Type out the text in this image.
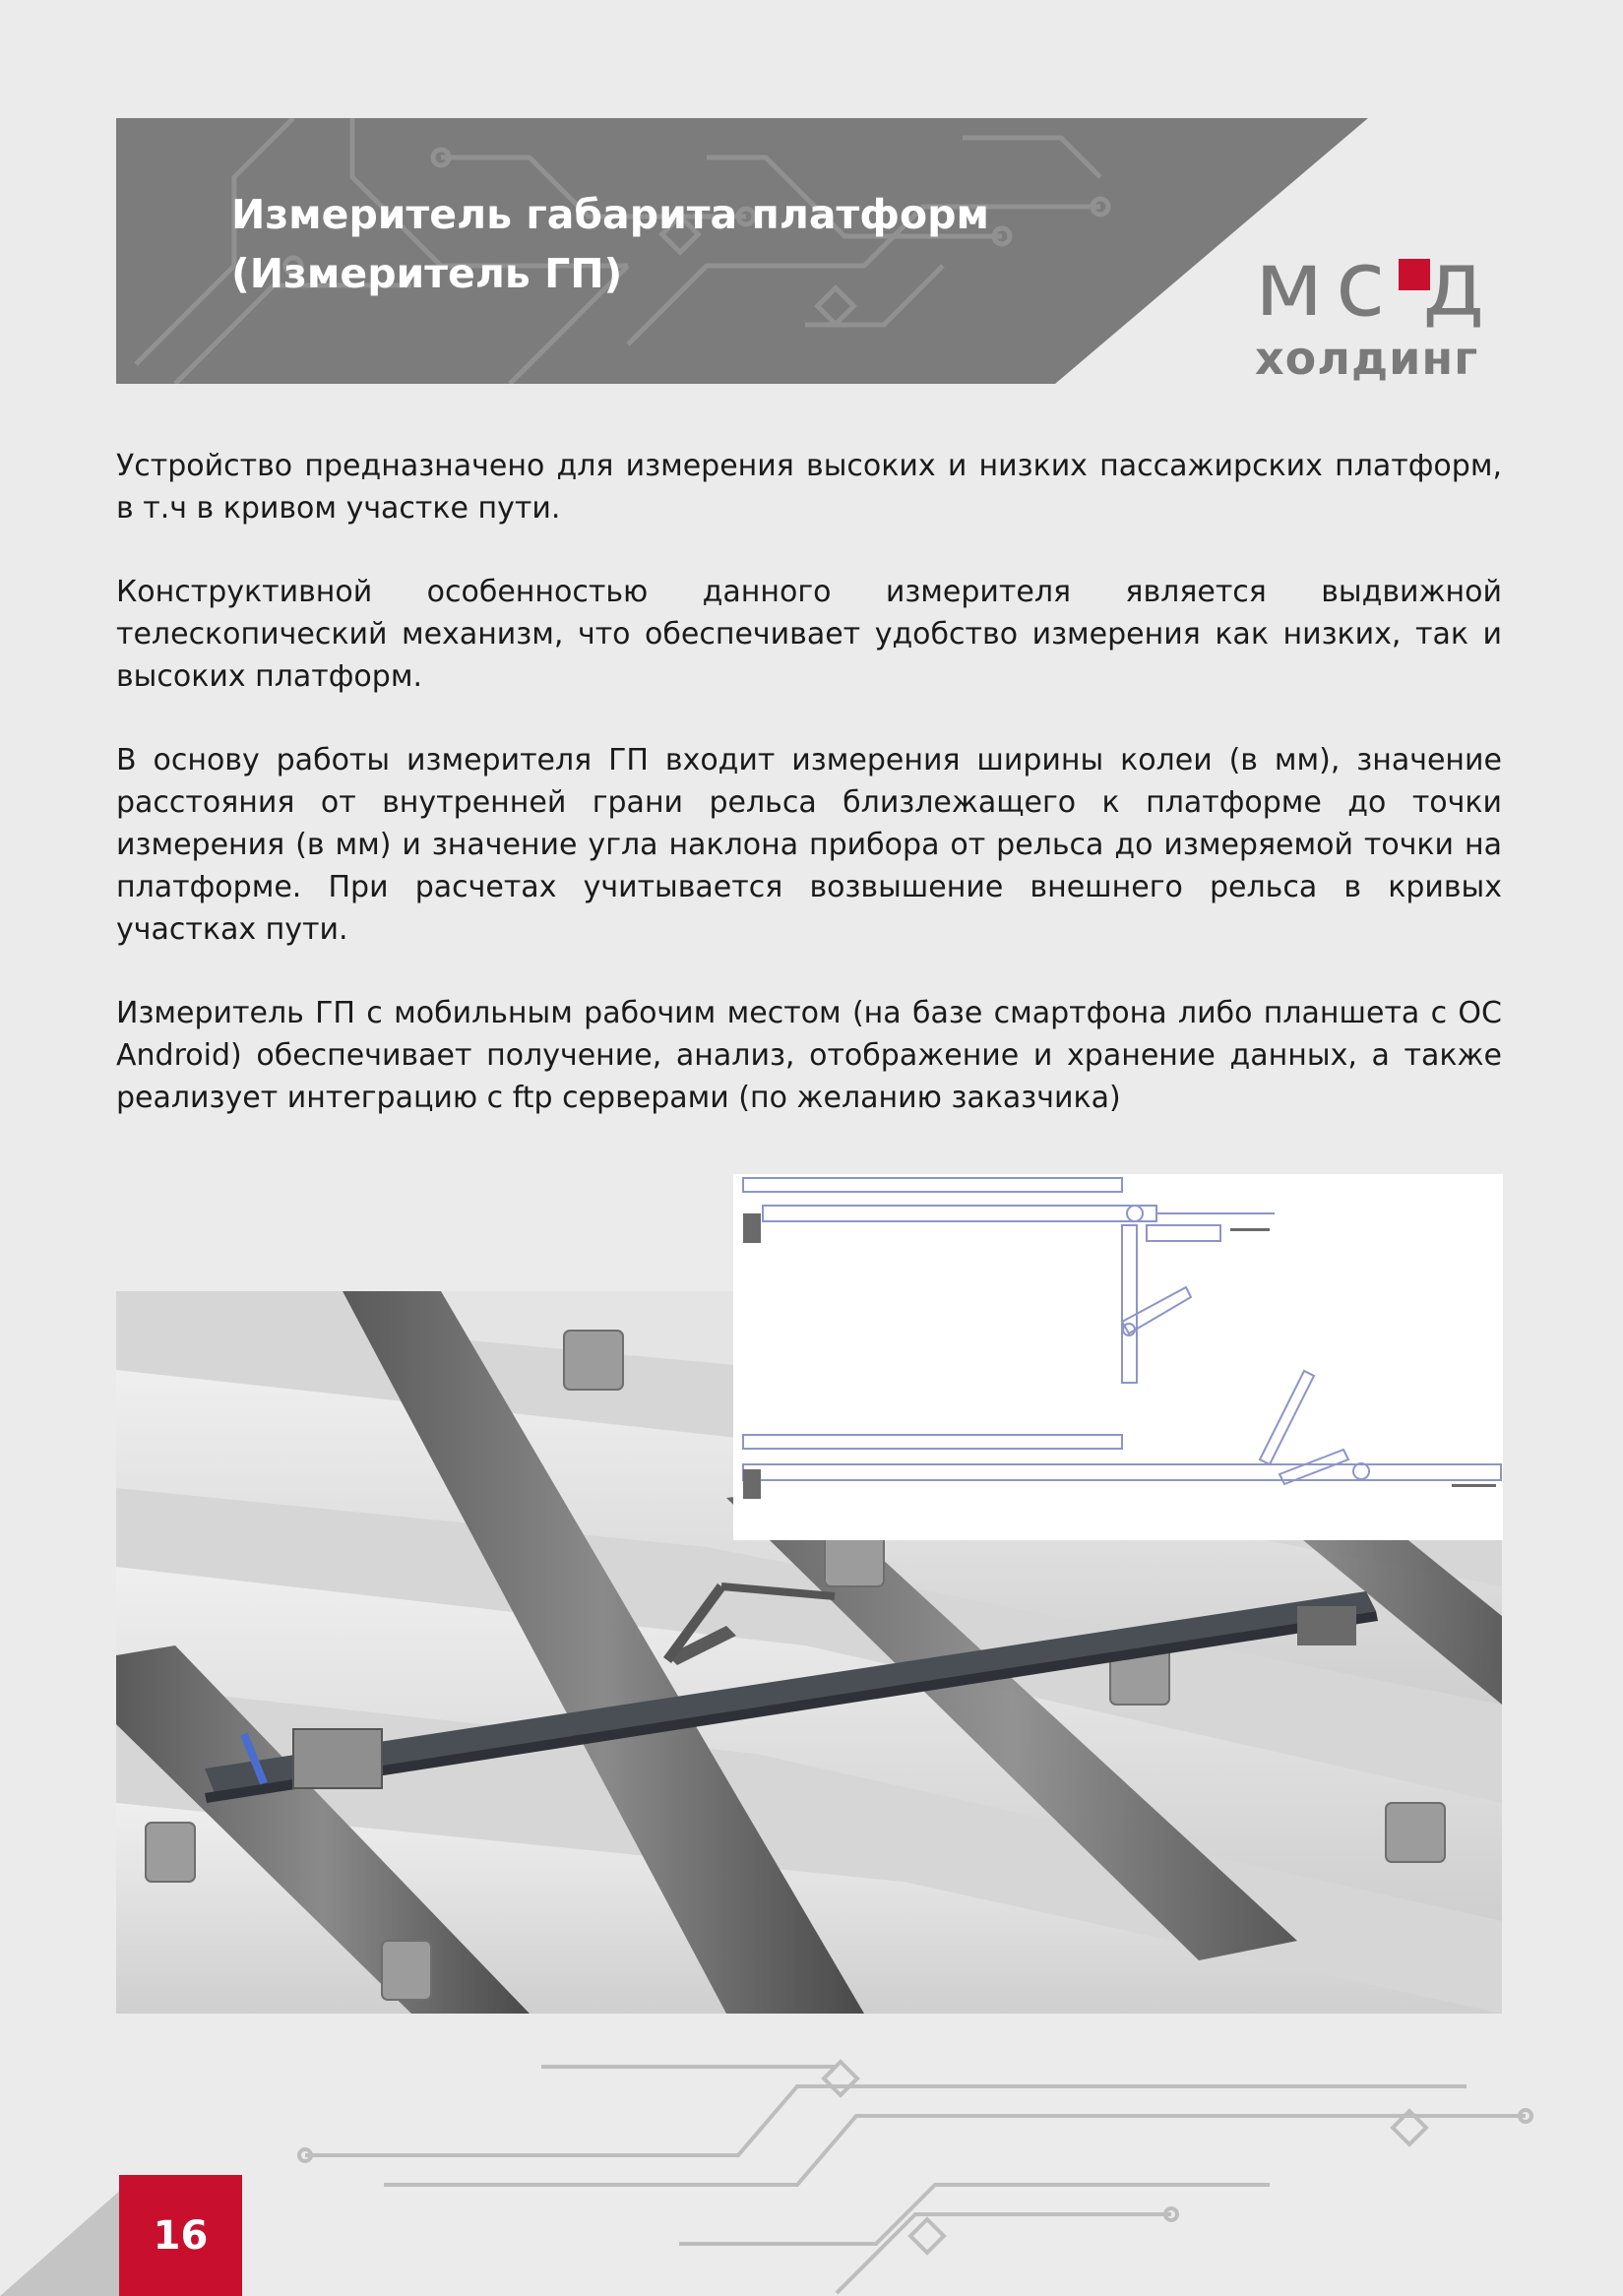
Измеритель габарита платформ
(Измеритель ГП)	м с д
холдинг

Устройство предназначено для измерения высоких и низких пассажирских платформ, в т.ч в кривом участке пути.

Конструктивной особенностью данного измерителя является выдвижной телескопический механизм, что обеспечивает удобство измерения как низких, так и высоких платформ.

В основу работы измерителя ГП входит измерения ширины колеи (в мм), значение расстояния от внутренней грани рельса близлежащего к платформе до точки измерения (в мм) и значение угла наклона прибора от рельса до измеряемой точки на платформе. При расчетах учитывается возвышение внешнего рельса в кривых участках пути.

Измеритель ГП с мобильным рабочим местом (на базе смартфона либо планшета с ОС Android) обеспечивает получение, анализ, отображение и хранение данных, а также реализует интеграцию с ftp серверами (по желанию заказчика)

16
